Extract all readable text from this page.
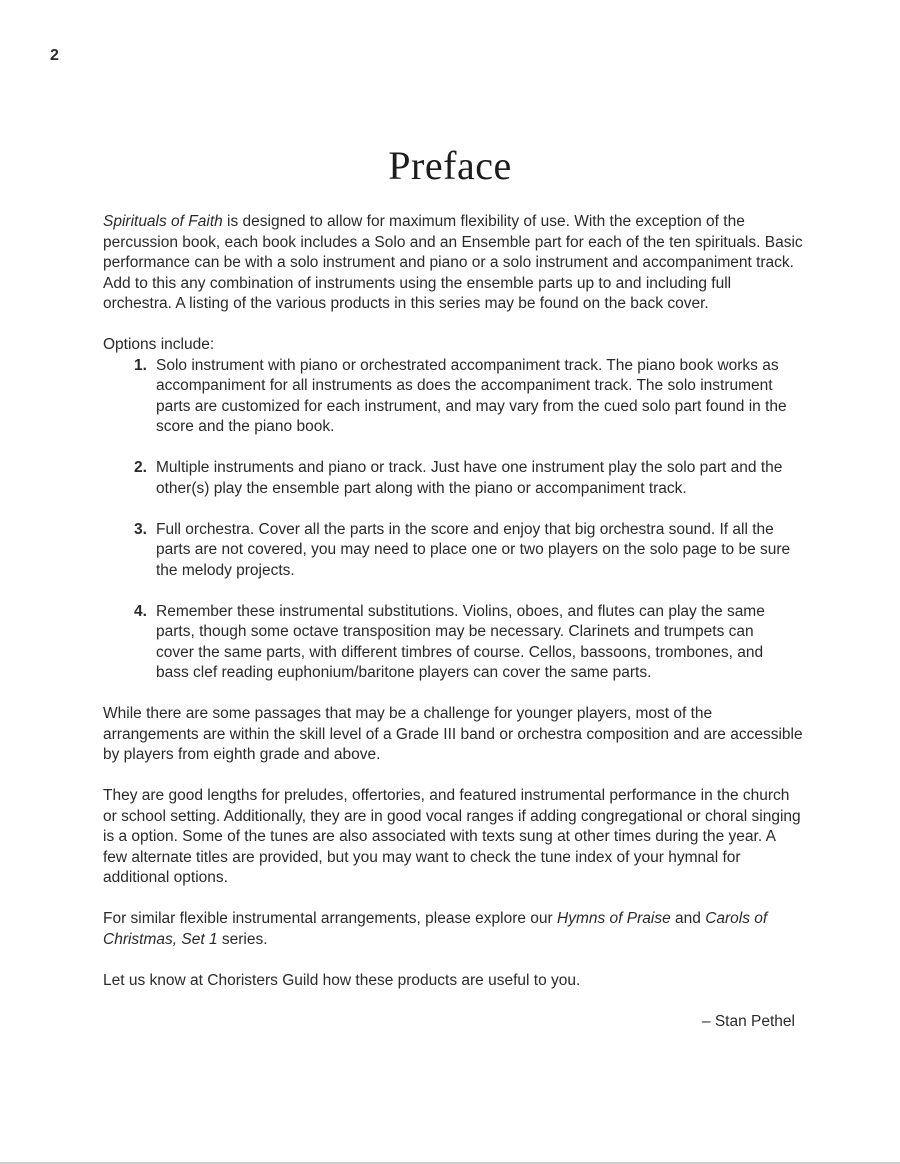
2
Preface

Spirituals of Faith is designed to allow for maximum flexibility of use. With the exception of the percussion book, each book includes a Solo and an Ensemble part for each of the ten spirituals. Basic performance can be with a solo instrument and piano or a solo instrument and accompaniment track. Add to this any combination of instruments using the ensemble parts up to and including full orchestra. A listing of the various products in this series may be found on the back cover.

Options include:

1. Solo instrument with piano or orchestrated accompaniment track. The piano book works as accompaniment for all instruments as does the accompaniment track. The solo instrument parts are customized for each instrument, and may vary from the cued solo part found in the score and the piano book.
2. Multiple instruments and piano or track. Just have one instrument play the solo part and the other(s) play the ensemble part along with the piano or accompaniment track.
3. Full orchestra. Cover all the parts in the score and enjoy that big orchestra sound. If all the parts are not covered, you may need to place one or two players on the solo page to be sure the melody projects.
4. Remember these instrumental substitutions. Violins, oboes, and flutes can play the same parts, though some octave transposition may be necessary. Clarinets and trumpets can cover the same parts, with different timbres of course. Cellos, bassoons, trombones, and bass clef reading euphonium/baritone players can cover the same parts.

While there are some passages that may be a challenge for younger players, most of the arrangements are within the skill level of a Grade III band or orchestra composition and are accessible by players from eighth grade and above.

They are good lengths for preludes, offertories, and featured instrumental performance in the church or school setting. Additionally, they are in good vocal ranges if adding congregational or choral singing is a option. Some of the tunes are also associated with texts sung at other times during the year. A few alternate titles are provided, but you may want to check the tune index of your hymnal for additional options.

For similar flexible instrumental arrangements, please explore our Hymns of Praise and Carols of Christmas, Set 1 series.

Let us know at Choristers Guild how these products are useful to you.

– Stan Pethel
